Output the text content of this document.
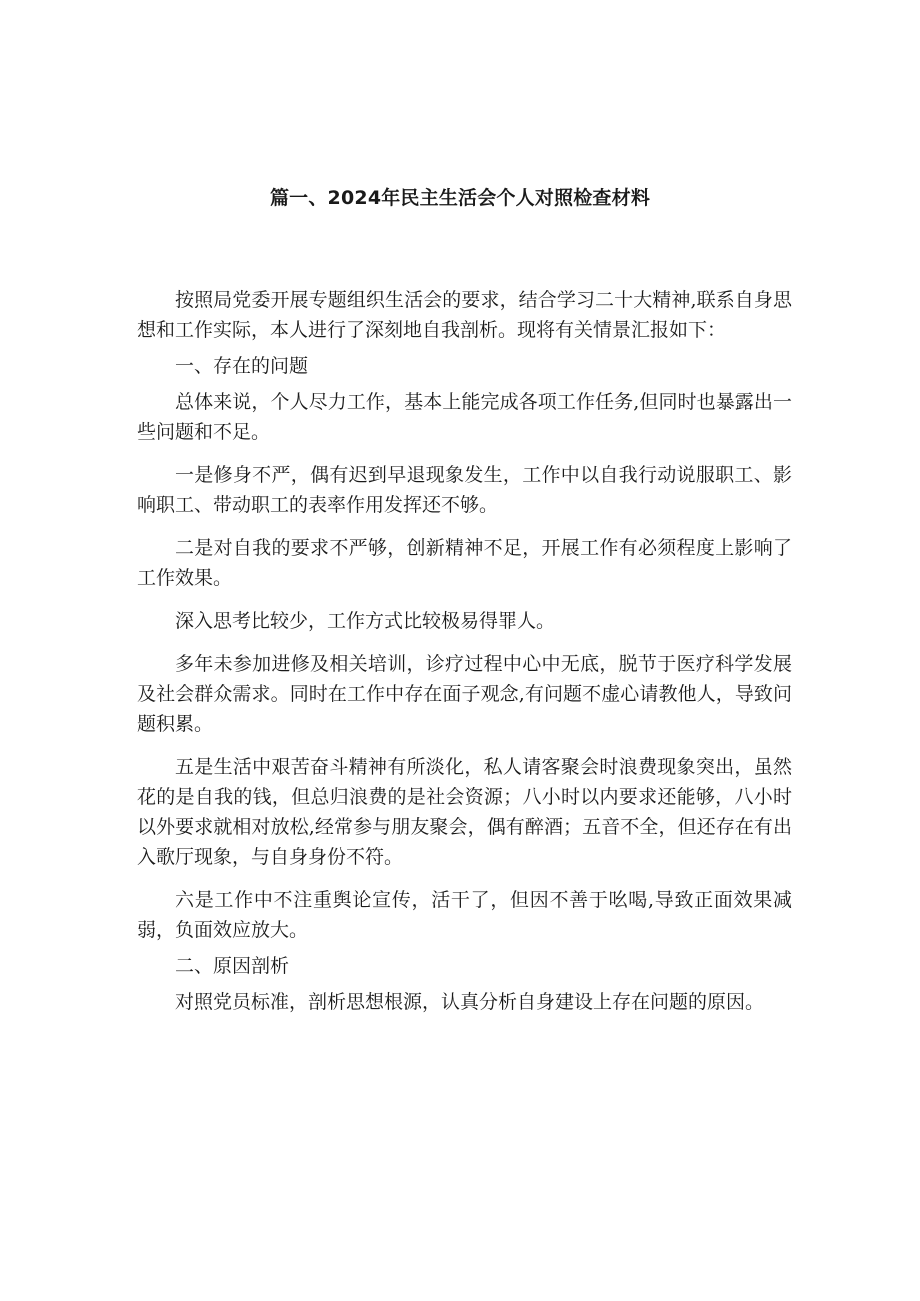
篇一、2024年民主生活会个人对照检查材料

按照局党委开展专题组织生活会的要求，结合学习二十大精神,联系自身思想和工作实际，本人进行了深刻地自我剖析。现将有关情景汇报如下：

一、存在的问题

总体来说，个人尽力工作，基本上能完成各项工作任务,但同时也暴露出一些问题和不足。

一是修身不严，偶有迟到早退现象发生，工作中以自我行动说服职工、影响职工、带动职工的表率作用发挥还不够。

二是对自我的要求不严够，创新精神不足，开展工作有必须程度上影响了工作效果。

深入思考比较少，工作方式比较极易得罪人。

多年未参加进修及相关培训，诊疗过程中心中无底，脱节于医疗科学发展及社会群众需求。同时在工作中存在面子观念,有问题不虚心请教他人，导致问题积累。

五是生活中艰苦奋斗精神有所淡化，私人请客聚会时浪费现象突出，虽然花的是自我的钱，但总归浪费的是社会资源；八小时以内要求还能够，八小时以外要求就相对放松,经常参与朋友聚会，偶有醉酒；五音不全，但还存在有出入歌厅现象，与自身身份不符。

六是工作中不注重舆论宣传，活干了，但因不善于吆喝,导致正面效果减弱，负面效应放大。

二、原因剖析

对照党员标准，剖析思想根源，认真分析自身建设上存在问题的原因。
